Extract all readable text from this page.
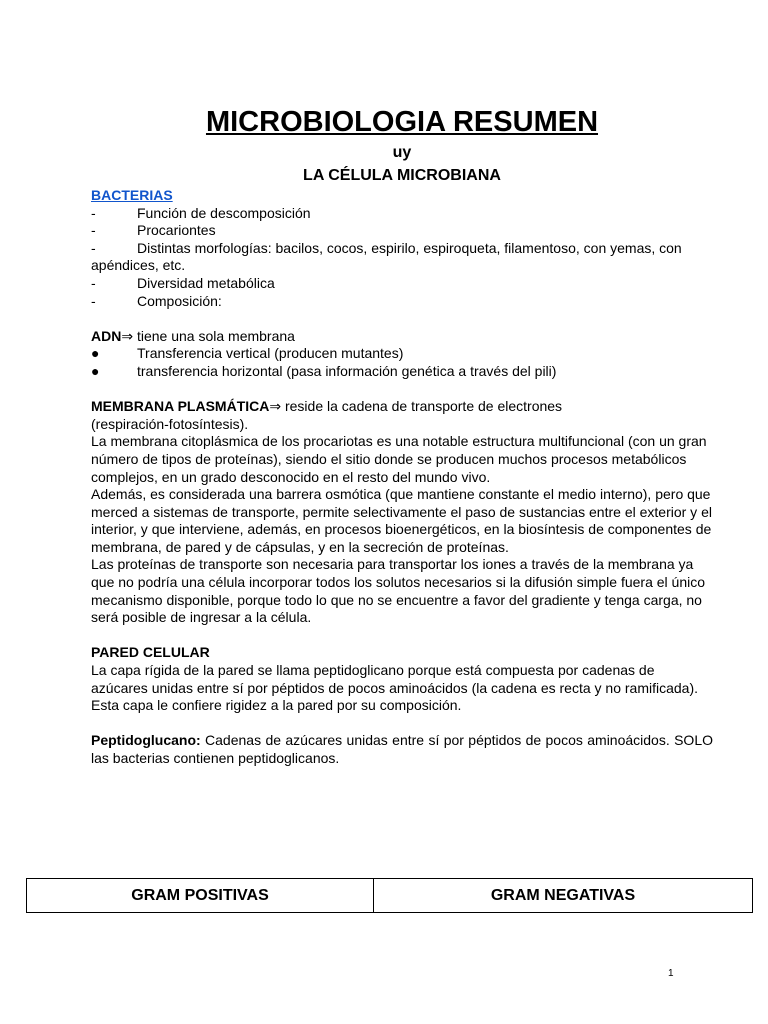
MICROBIOLOGIA RESUMEN
uy
LA CÉLULA MICROBIANA

BACTERIAS

-	Función de descomposición
-	Procariontes
-	Distintas morfologías: bacilos, cocos, espirilo, espiroqueta, filamentoso, con yemas, con

apéndices, etc.

-	Diversidad metabólica
-	Composición:

ADN⇒ tiene una sola membrana

●	Transferencia vertical (producen mutantes)
●	transferencia horizontal (pasa información genética a través del pili)

MEMBRANA PLASMÁTICA⇒ reside la cadena de transporte de electrones

(respiración-fotosíntesis).

La membrana citoplásmica de los procariotas es una notable estructura multifuncional (con un gran número de tipos de proteínas), siendo el sitio donde se producen muchos procesos metabólicos complejos, en un grado desconocido en el resto del mundo vivo.

Además, es considerada una barrera osmótica (que mantiene constante el medio interno), pero que merced a sistemas de transporte, permite selectivamente el paso de sustancias entre el exterior y el interior, y que interviene, además, en procesos bioenergéticos, en la biosíntesis de componentes de membrana, de pared y de cápsulas, y en la secreción de proteínas.

Las proteínas de transporte son necesaria para transportar los iones a través de la membrana ya que no podría una célula incorporar todos los solutos necesarios si la difusión simple fuera el único mecanismo disponible, porque todo lo que no se encuentre a favor del gradiente y tenga carga, no será posible de ingresar a la célula.

PARED CELULAR

La capa rígida de la pared se llama peptidoglicano porque está compuesta por cadenas de azúcares unidas entre sí por péptidos de pocos aminoácidos (la cadena es recta y no ramificada). Esta capa le confiere rigidez a la pared por su composición.

Peptidoglucano: Cadenas de azúcares unidas entre sí por péptidos de pocos aminoácidos. SOLO las bacterias contienen peptidoglicanos.

GRAM POSITIVAS	GRAM NEGATIVAS
1
